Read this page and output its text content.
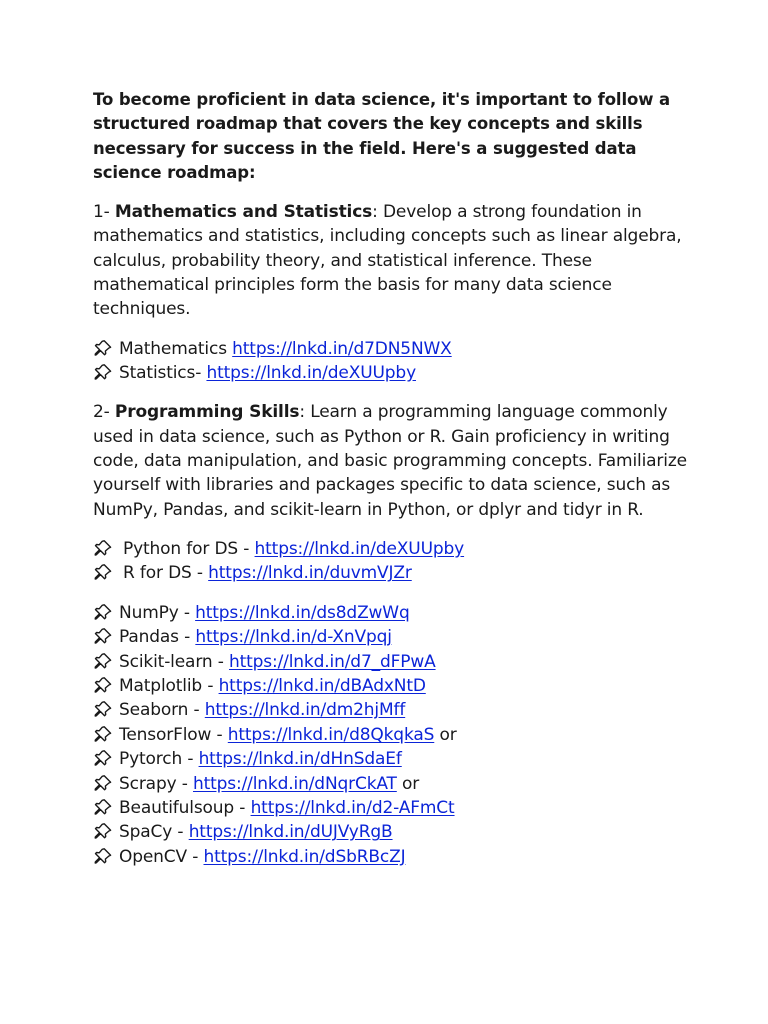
To become proficient in data science, it's important to follow a structured roadmap that covers the key concepts and skills necessary for success in the field. Here's a suggested data science roadmap:

1- Mathematics and Statistics: Develop a strong foundation in mathematics and statistics, including concepts such as linear algebra, calculus, probability theory, and statistical inference. These mathematical principles form the basis for many data science techniques.

Mathematics https://lnkd.in/d7DN5NWX
Statistics- https://lnkd.in/deXUUpby

2- Programming Skills: Learn a programming language commonly used in data science, such as Python or R. Gain proficiency in writing code, data manipulation, and basic programming concepts. Familiarize yourself with libraries and packages specific to data science, such as NumPy, Pandas, and scikit-learn in Python, or dplyr and tidyr in R.

Python for DS - https://lnkd.in/deXUUpby
R for DS - https://lnkd.in/duvmVJZr
NumPy - https://lnkd.in/ds8dZwWq
Pandas - https://lnkd.in/d-XnVpqj
Scikit-learn - https://lnkd.in/d7_dFPwA
Matplotlib - https://lnkd.in/dBAdxNtD
Seaborn - https://lnkd.in/dm2hjMff
TensorFlow - https://lnkd.in/d8QkqkaS or
Pytorch - https://lnkd.in/dHnSdaEf
Scrapy - https://lnkd.in/dNqrCkAT or
Beautifulsoup - https://lnkd.in/d2-AFmCt
SpaCy - https://lnkd.in/dUJVyRgB
OpenCV - https://lnkd.in/dSbRBcZJ
